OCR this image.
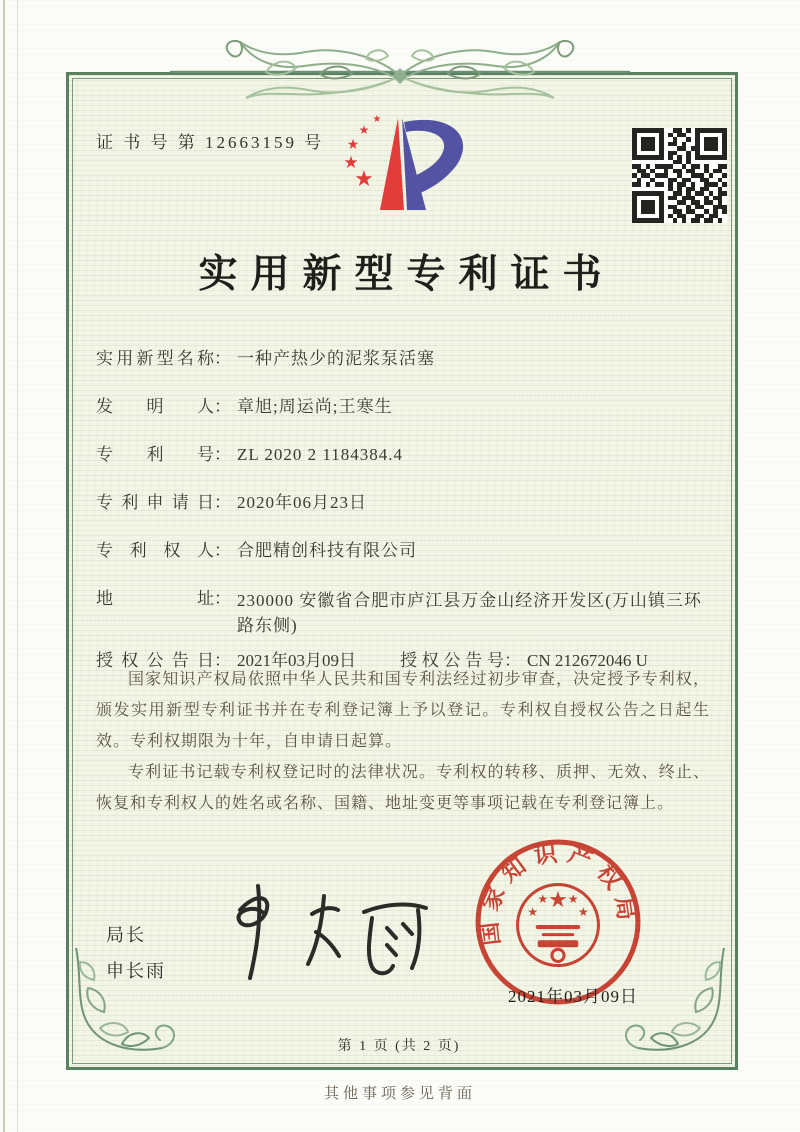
证 书 号 第 12663159 号
★
★
★
★
★
实用新型专利证书
实用新型名称 ： 一种产热少的泥浆泵活塞
发明人 ： 章旭;周运尚;王寒生
专利号 ： ZL 2020 2 1184384.4
专利申请日 ： 2020年06月23日
专利权人 ： 合肥精创科技有限公司
地址 ： 230000 安徽省合肥市庐江县万金山经济开发区(万山镇三环路东侧)
授权公告日 ： 2021年03月09日	授权公告号 ： CN 212672046 U

国家知识产权局依照中华人民共和国专利法经过初步审查，决定授予专利权，颁发实用新型专利证书并在专利登记簿上予以登记。专利权自授权公告之日起生效。专利权期限为十年，自申请日起算。

专利证书记载专利权登记时的法律状况。专利权的转移、质押、无效、终止、恢复和专利权人的姓名或名称、国籍、地址变更等事项记载在专利登记簿上。

局长
申长雨
国家知识产权局
★
★
★ ★
★
2021年03月09日
第 1 页 (共 2 页)
其他事项参见背面
